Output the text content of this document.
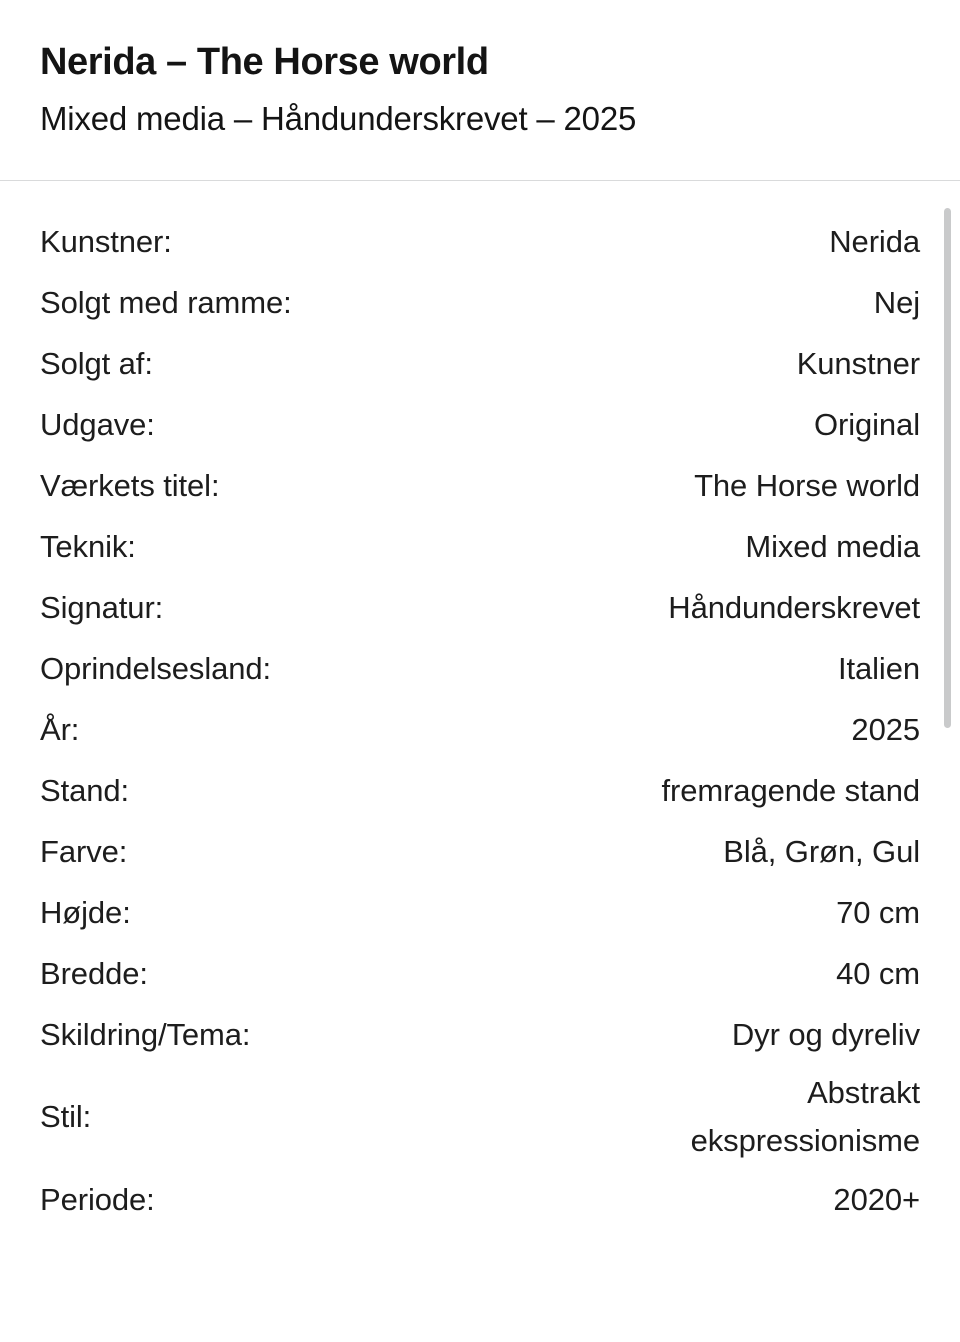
Nerida – The Horse world
Mixed media – Håndunderskrevet – 2025
Kunstner:	Nerida
Solgt med ramme:	Nej
Solgt af:	Kunstner
Udgave:	Original
Værkets titel:	The Horse world
Teknik:	Mixed media
Signatur:	Håndunderskrevet
Oprindelsesland:	Italien
År:	2025
Stand:	fremragende stand
Farve:	Blå, Grøn, Gul
Højde:	70 cm
Bredde:	40 cm
Skildring/Tema:	Dyr og dyreliv
Stil:	Abstrakt
ekspressionisme

Periode:	2020+
